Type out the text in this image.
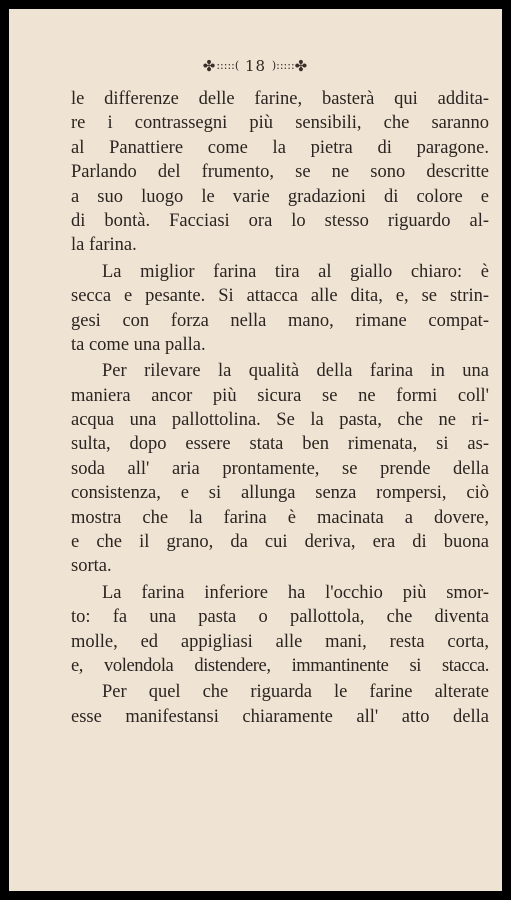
✤:::::( 18 ):::::✤
le differenze delle farine, basterà qui addita-
re i contrassegni più sensibili, che saranno
al Panattiere come la pietra di paragone.
Parlando del frumento, se ne sono descritte
a suo luogo le varie gradazioni di colore e
di bontà. Facciasi ora lo stesso riguardo al-
la farina.
La miglior farina tira al giallo chiaro: è
secca e pesante. Si attacca alle dita, e, se strin-
gesi con forza nella mano, rimane compat-
ta come una palla.
Per rilevare la qualità della farina in una
maniera ancor più sicura se ne formi coll'
acqua una pallottolina. Se la pasta, che ne ri-
sulta, dopo essere stata ben rimenata, si as-
soda all' aria prontamente, se prende della
consistenza, e si allunga senza rompersi, ciò
mostra che la farina è macinata a dovere,
e che il grano, da cui deriva, era di buona
sorta.
La farina inferiore ha l'occhio più smor-
to: fa una pasta o pallottola, che diventa
molle, ed appigliasi alle mani, resta corta,
e, volendola distendere, immantinente si stacca.
Per quel che riguarda le farine alterate
esse manifestansi chiaramente all' atto della
